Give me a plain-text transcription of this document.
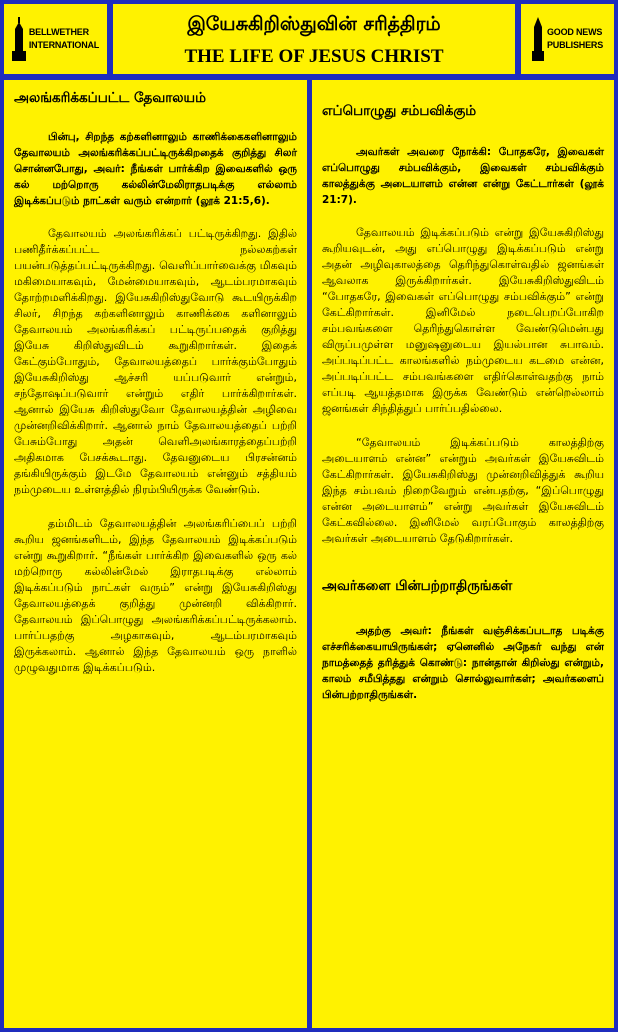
BELLWETHER
INTERNATIONAL
இயேசுகிறிஸ்துவின் சரித்திரம்
THE LIFE OF JESUS CHRIST
GOOD NEWS
PUBLISHERS
அலங்கரிக்கப்பட்ட தேவாலயம்

பின்பு, சிறந்த கற்களினாலும் காணிக்கைகளினாலும் தேவாலயம் அலங்கரிக்கப்பட்டிருக்கிறதைக் குறித்து சிலர் சொன்னபோது, அவர்: நீங்கள் பார்க்கிற இவைகளில் ஒரு கல் மற்றொரு கல்லின்மேலிராதபடிக்கு எல்லாம் இடிக்கப்படும் நாட்கள் வரும் என்றார் (லூக் 21:5,6).

தேவாலயம் அலங்கரிக்கப் பட்டிருக்கிறது. இதில் பணிதீர்க்கப்பட்ட நல்லகற்கள் பயன்படுத்தப்பட்டிருக்கிறது. வெளிப்பார்வைக்கு மிகவும் மகிமையாகவும், மேன்மையாகவும், ஆடம்பரமாகவும் தோற்றமளிக்கிறது. இயேசுகிறிஸ்துவோடு கூடயிருக்கிற சிலர், சிறந்த கற்களினாலும் காணிக்கை களினாலும் தேவாலயம் அலங்கரிக்கப் பட்டிருப்பதைக் குறித்து இயேசு கிறிஸ்துவிடம் கூறுகிறார்கள். இதைக் கேட்கும்போதும், தேவாலயத்தைப் பார்க்கும்போதும் இயேசுகிறிஸ்து ஆச்சரி யப்படுவார் என்றும், சந்தோஷப்படுவார் என்றும் எதிர் பார்க்கிறார்கள். ஆனால் இயேசு கிறிஸ்துவோ தேவாலயத்தின் அழிவை முன்னறிவிக்கிறார். ஆனால் நாம் தேவாலயத்தைப் பற்றி பேசும்போது அதன் வெளிஅலங்காரத்தைப்பற்றி அதிகமாக பேசக்கூடாது. தேவனுடைய பிரசன்னம் தங்கியிருக்கும் இடமே தேவாலயம் என்னும் சத்தியம் நம்முடைய உள்ளத்தில் நிரம்பியிருக்க வேண்டும்.

தம்மிடம் தேவாலயத்தின் அலங்கரிப்பைப் பற்றி கூறிய ஜனங்களிடம், இந்த தேவாலயம் இடிக்கப்படும் என்று கூறுகிறார். “நீங்கள் பார்க்கிற இவைகளில் ஒரு கல் மற்றொரு கல்லின்மேல் இராதபடிக்கு எல்லாம் இடிக்கப்படும் நாட்கள் வரும்” என்று இயேசுகிறிஸ்து தேவாலயத்தைக் குறித்து முன்னறி விக்கிறார். தேவாலயம் இப்பொழுது அலங்கரிக்கப்பட்டிருக்கலாம். பார்ப்பதற்கு அழகாகவும், ஆடம்பரமாகவும் இருக்கலாம். ஆனால் இந்த தேவாலயம் ஒரு நாளில் முழுவதுமாக இடிக்கப்படும்.

எப்பொழுது சம்பவிக்கும்

அவர்கள் அவரை நோக்கி: போதகரே, இவைகள் எப்பொழுது சம்பவிக்கும், இவைகள் சம்பவிக்கும் காலத்துக்கு அடையாளம் என்ன என்று கேட்டார்கள் (லூக் 21:7).

தேவாலயம் இடிக்கப்படும் என்று இயேசுகிறிஸ்து கூறியவுடன், அது எப்பொழுது இடிக்கப்படும் என்று அதன் அழிவுகாலத்தை தெரிந்துகொள்வதில் ஜனங்கள் ஆவலாக இருக்கிறார்கள். இயேசுகிறிஸ்துவிடம் “போதகரே, இவைகள் எப்பொழுது சம்பவிக்கும்” என்று கேட்கிறார்கள். இனிமேல் நடைபெறப்போகிற சம்பவங்களை தெரிந்துகொள்ள வேண்டுமென்பது விருப்பமுள்ள மனுஷனுடைய இயல்பான சுபாவம். அப்படிப்பட்ட காலங்களில் நம்முடைய கடமை என்ன, அப்படிப்பட்ட சம்பவங்களை எதிர்கொள்வதற்கு நாம் எப்படி ஆயத்தமாக இருக்க வேண்டும் என்றெல்லாம் ஜனங்கள் சிந்தித்துப் பார்ப்பதில்லை.

“தேவாலயம் இடிக்கப்படும் காலத்திற்கு அடையாளம் என்ன” என்றும் அவர்கள் இயேசுவிடம் கேட்கிறார்கள். இயேசுகிறிஸ்து முன்னறிவித்துக் கூறிய இந்த சம்பவம் நிறைவேறும் என்பதற்கு, “இப்பொழுது என்ன அடையாளம்” என்று அவர்கள் இயேசுவிடம் கேட்கவில்லை. இனிமேல் வரப்போகும் காலத்திற்கு அவர்கள் அடையாளம் தேடுகிறார்கள்.

அவர்களை பின்பற்றாதிருங்கள்

அதற்கு அவர்: நீங்கள் வஞ்சிக்கப்படாத படிக்கு எச்சரிக்கையாயிருங்கள்; ஏனெனில் அநேகர் வந்து என் நாமத்தைத் தரித்துக் கொண்டு: நான்தான் கிறிஸ்து என்றும், காலம் சமீபித்தது என்றும் சொல்லுவார்கள்; அவர்களைப் பின்பற்றாதிருங்கள்.
